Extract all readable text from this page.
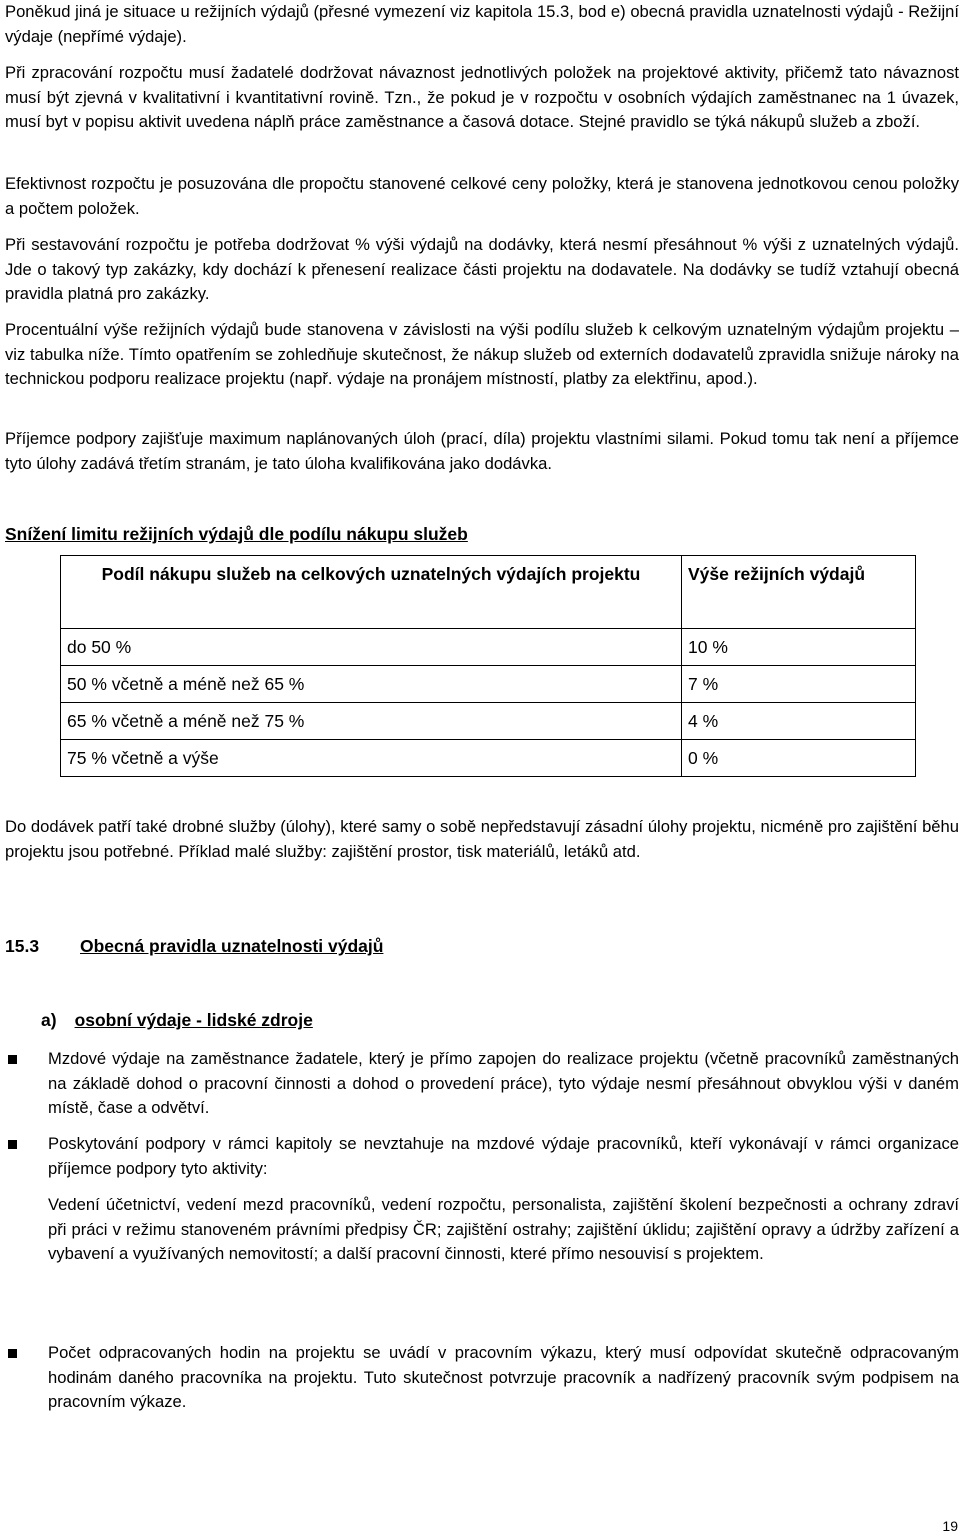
Poněkud jiná je situace u režijních výdajů (přesné vymezení viz kapitola 15.3, bod e) obecná pravidla uznatelnosti výdajů - Režijní výdaje (nepřímé výdaje).

Při zpracování rozpočtu musí žadatelé dodržovat návaznost jednotlivých položek na projektové aktivity, přičemž tato návaznost musí být zjevná v kvalitativní i kvantitativní rovině. Tzn., že pokud je v rozpočtu v osobních výdajích zaměstnanec na 1 úvazek, musí byt v popisu aktivit uvedena náplň práce zaměstnance a časová dotace. Stejné pravidlo se týká nákupů služeb a zboží.

Efektivnost rozpočtu je posuzována dle propočtu stanovené celkové ceny položky, která je stanovena jednotkovou cenou položky a počtem položek.

Při sestavování rozpočtu je potřeba dodržovat % výši výdajů na dodávky, která nesmí přesáhnout % výši z uznatelných výdajů. Jde o takový typ zakázky, kdy dochází k přenesení realizace části projektu na dodavatele. Na dodávky se tudíž vztahují obecná pravidla platná pro zakázky.

Procentuální výše režijních výdajů bude stanovena v závislosti na výši podílu služeb k celkovým uznatelným výdajům projektu – viz tabulka níže. Tímto opatřením se zohledňuje skutečnost, že nákup služeb od externích dodavatelů zpravidla snižuje nároky na technickou podporu realizace projektu (např. výdaje na pronájem místností, platby za elektřinu, apod.).

Příjemce podpory zajišťuje maximum naplánovaných úloh (prací, díla) projektu vlastními silami. Pokud tomu tak není a příjemce tyto úlohy zadává třetím stranám, je tato úloha kvalifikována jako dodávka.

Snížení limitu režijních výdajů dle podílu nákupu služeb
Podíl nákupu služeb na celkových uznatelných výdajích projektu	Výše režijních výdajů
do 50 %	10 %
50 % včetně a méně než 65 %	7 %
65 % včetně a méně než 75 %	4 %
75 % včetně a výše	0 %

Do dodávek patří také drobné služby (úlohy), které samy o sobě nepředstavují zásadní úlohy projektu, nicméně pro zajištění běhu projektu jsou potřebné. Příklad malé služby: zajištění prostor, tisk materiálů, letáků atd.

15.3 Obecná pravidla uznatelnosti výdajů
a) osobní výdaje - lidské zdroje

Mzdové výdaje na zaměstnance žadatele, který je přímo zapojen do realizace projektu (včetně pracovníků zaměstnaných na základě dohod o pracovní činnosti a dohod o provedení práce), tyto výdaje nesmí přesáhnout obvyklou výši v daném místě, čase a odvětví.

Poskytování podpory v rámci kapitoly se nevztahuje na mzdové výdaje pracovníků, kteří vykonávají v rámci organizace příjemce podpory tyto aktivity:

Vedení účetnictví, vedení mezd pracovníků, vedení rozpočtu, personalista, zajištění školení bezpečnosti a ochrany zdraví při práci v režimu stanoveném právními předpisy ČR; zajištění ostrahy; zajištění úklidu; zajištění opravy a údržby zařízení a vybavení a využívaných nemovitostí; a další pracovní činnosti, které přímo nesouvisí s projektem.

Počet odpracovaných hodin na projektu se uvádí v pracovním výkazu, který musí odpovídat skutečně odpracovaným hodinám daného pracovníka na projektu. Tuto skutečnost potvrzuje pracovník a nadřízený pracovník svým podpisem na pracovním výkaze.

19
